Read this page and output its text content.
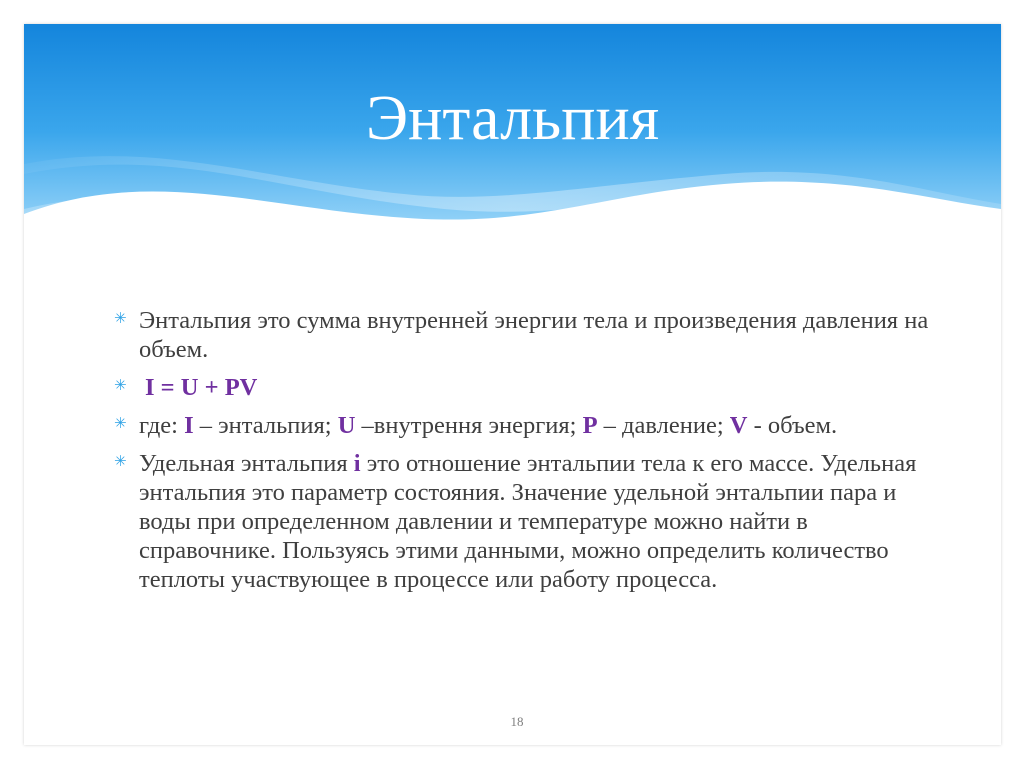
Энтальпия
✳ Энтальпия это сумма внутренней энергии тела и произведения давления на объем.
✳ I = U + PV
✳ где: I – энтальпия; U –внутрення энергия; P – давление; V - объем.
✳ Удельная энтальпия i это отношение энтальпии тела к его массе. Удельная энтальпия это параметр состояния. Значение удельной энтальпии пара и воды при определенном давлении и температуре можно найти в справочнике. Пользуясь этими данными, можно определить количество теплоты участвующее в процессе или работу процесса.
18
